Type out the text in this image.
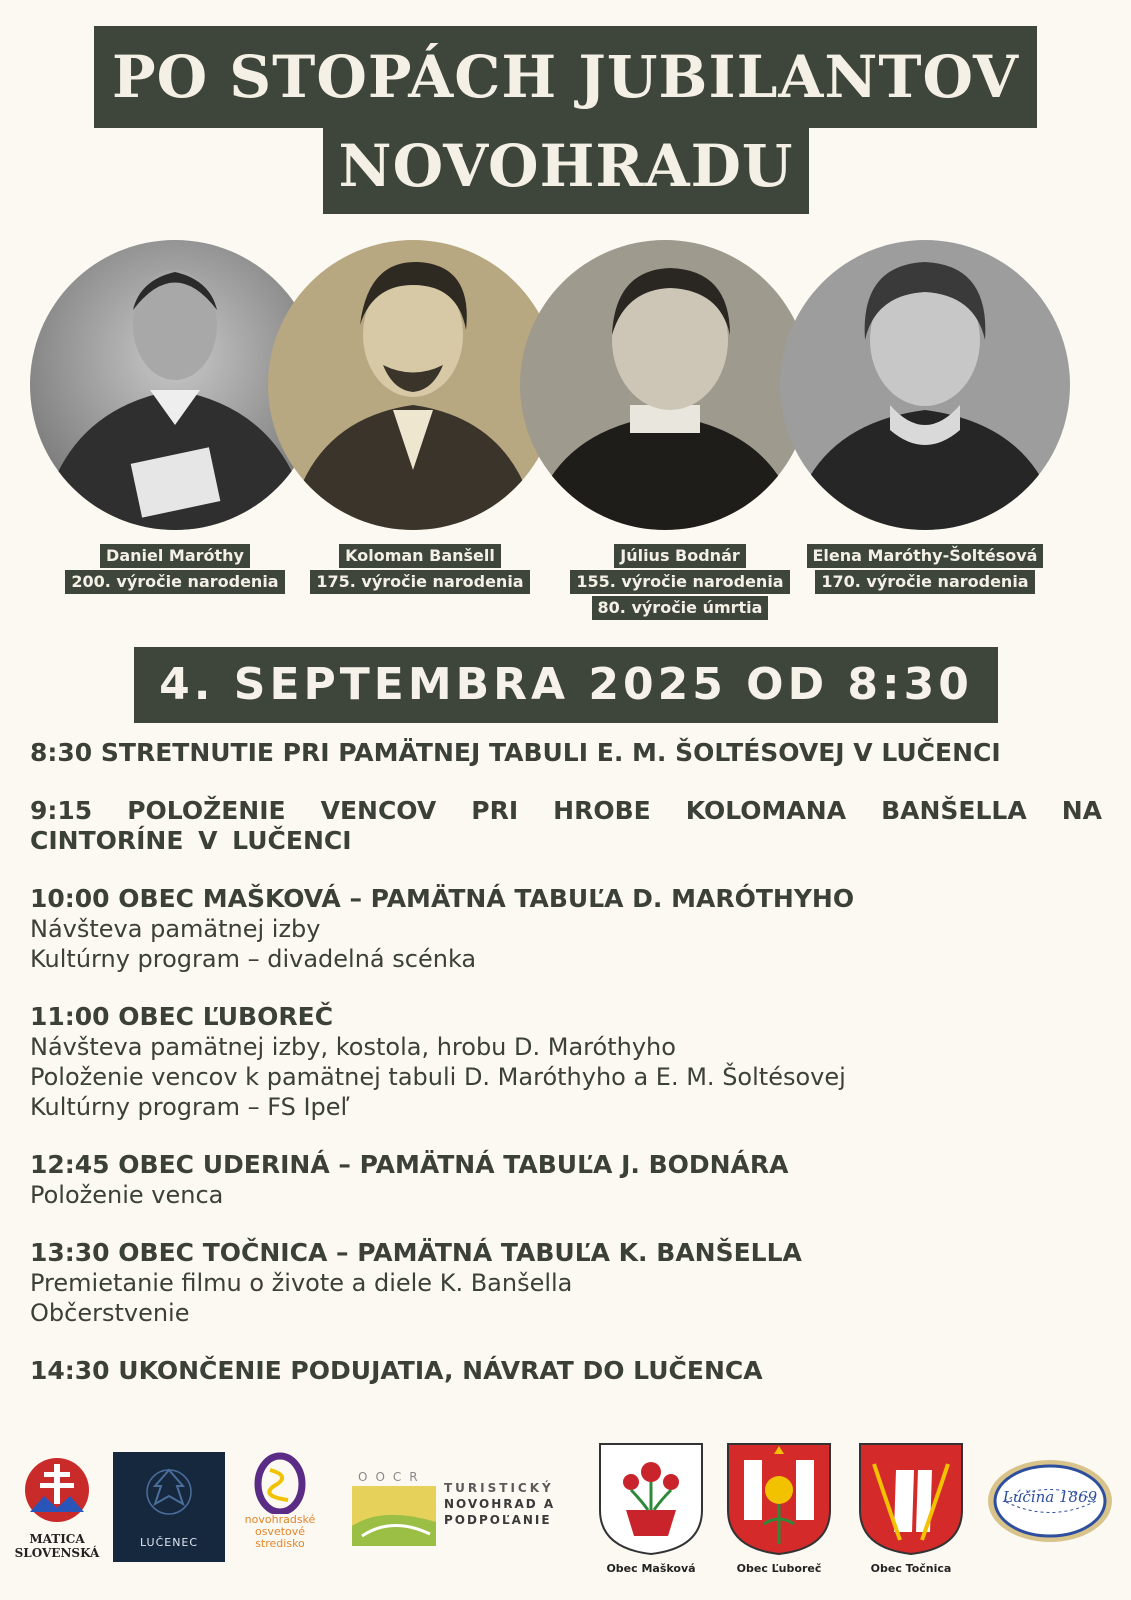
PO STOPÁCH JUBILANTOV
NOVOHRADU
Daniel Maróthy
200. výročie narodenia
Koloman Banšell
175. výročie narodenia
Július Bodnár
155. výročie narodenia
80. výročie úmrtia
Elena Maróthy-Šoltésová
170. výročie narodenia
4. SEPTEMBRA 2025 OD 8:30
8:30 STRETNUTIE PRI PAMÄTNEJ TABULI E. M. ŠOLTÉSOVEJ V LUČENCI
9:15 POLOŽENIE VENCOV PRI HROBE KOLOMANA BANŠELLA NA CINTORÍNE V LUČENCI
10:00 OBEC MAŠKOVÁ – PAMÄTNÁ TABUĽA D. MARÓTHYHO
Návšteva pamätnej izby
Kultúrny program – divadelná scénka
11:00 OBEC ĽUBOREČ
Návšteva pamätnej izby, kostola, hrobu D. Maróthyho
Položenie vencov k pamätnej tabuli D. Maróthyho a E. M. Šoltésovej
Kultúrny program – FS Ipeľ
12:45 OBEC UDERINÁ – PAMÄTNÁ TABUĽA J. BODNÁRA
Položenie venca
13:30 OBEC TOČNICA – PAMÄTNÁ TABUĽA K. BANŠELLA
Premietanie filmu o živote a diele K. Banšella
Občerstvenie
14:30 UKONČENIE PODUJATIA, NÁVRAT DO LUČENCA
MATICA SLOVENSKÁ
LUČENEC
novohradské
osvetové
stredisko
OOCR
TURISTICKÝ
NOVOHRAD A
PODPOĽANIE
Obec Mašková	Obec Ľuboreč	Obec Točnica
Lúčina 1869
